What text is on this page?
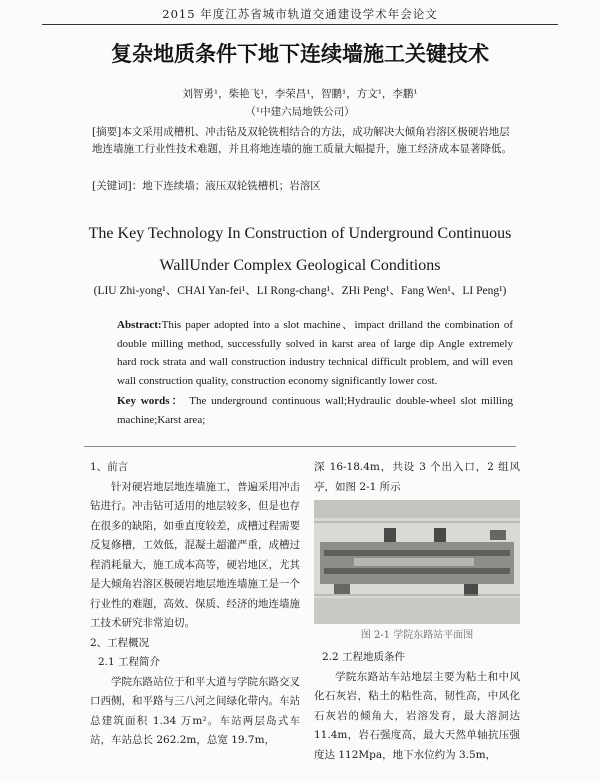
2015 年度江苏省城市轨道交通建设学术年会论文
复杂地质条件下地下连续墙施工关键技术
刘智勇¹，柴艳飞¹，李荣昌¹，智鹏¹，方文¹，李鹏¹
（¹中建六局地铁公司）

[摘要]本文采用成槽机、冲击钻及双轮铣相结合的方法，成功解决大倾角岩溶区极硬岩地层地连墙施工行业性技术难题，并且将地连墙的施工质量大幅提升，施工经济成本显著降低。

[关键词]：地下连续墙；液压双轮铣槽机；岩溶区

The Key Technology In Construction of Underground Continuous
WallUnder Complex Geological Conditions
(LIU Zhi-yong¹、CHAI Yan-fei¹、LI Rong-chang¹、ZHi Peng¹、Fang Wen¹、LI Peng¹)

Abstract:This paper adopted into a slot machine、impact drilland the combination of double milling method, successfully solved in karst area of large dip Angle extremely hard rock strata and wall construction industry technical difficult problem, and will even wall construction quality, construction economy significantly lower cost.

Key words： The underground continuous wall;Hydraulic double-wheel slot milling machine;Karst area;

1、前言

针对硬岩地层地连墙施工，普遍采用冲击钻进行。冲击钻可适用的地层较多，但是也存在很多的缺陷，如垂直度较差，成槽过程需要反复修槽，工效低，混凝土超灌严重，成槽过程消耗量大，施工成本高等，硬岩地区，尤其是大倾角岩溶区极硬岩地层地连墙施工是一个行业性的难题，高效、保质、经济的地连墙施工技术研究非常迫切。

2、工程概况

2.1 工程简介

学院东路站位于和平大道与学院东路交叉口西侧，和平路与三八河之间绿化带内。车站总建筑面积 1.34 万m²。车站两层岛式车站，车站总长 262.2m，总宽 19.7m，

深 16-18.4m，共设 3 个出入口，2 组风亭，如图 2-1 所示

图 2-1 学院东路站平面图

2.2 工程地质条件

学院东路站车站地层主要为粘土和中风化石灰岩，粘土的粘性高，韧性高，中风化石灰岩的倾角大，岩溶发育，最大溶洞达 11.4m，岩石强度高，最大天然单轴抗压强度达 112Mpa，地下水位约为 3.5m，
